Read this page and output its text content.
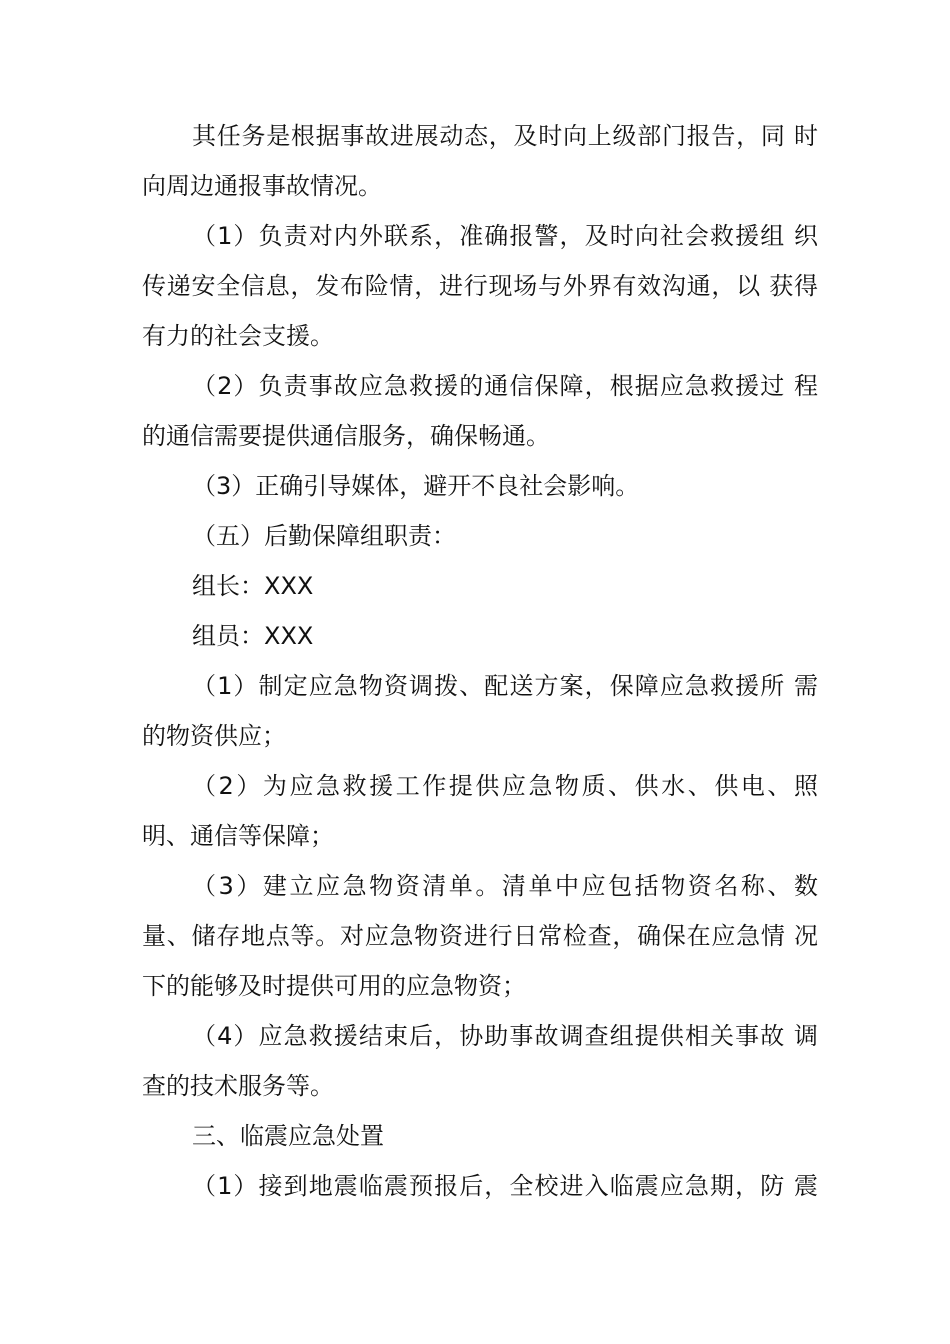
其任务是根据事故进展动态，及时向上级部门报告，同 时
向周边通报事故情况。
（1）负责对内外联系，准确报警，及时向社会救援组 织
传递安全信息，发布险情，进行现场与外界有效沟通，以 获得
有力的社会支援。
（2）负责事故应急救援的通信保障，根据应急救援过 程
的通信需要提供通信服务，确保畅通。
（3）正确引导媒体，避开不良社会影响。
（五）后勤保障组职责：
组长：XXX
组员：XXX
（1）制定应急物资调拨、配送方案，保障应急救援所 需
的物资供应；
（2）为应急救援工作提供应急物质、供水、供电、照
明、通信等保障；
（3）建立应急物资清单。清单中应包括物资名称、数
量、储存地点等。对应急物资进行日常检查，确保在应急情 况
下的能够及时提供可用的应急物资；
（4）应急救援结束后，协助事故调查组提供相关事故 调
查的技术服务等。
三、临震应急处置
（1）接到地震临震预报后，全校进入临震应急期，防 震
